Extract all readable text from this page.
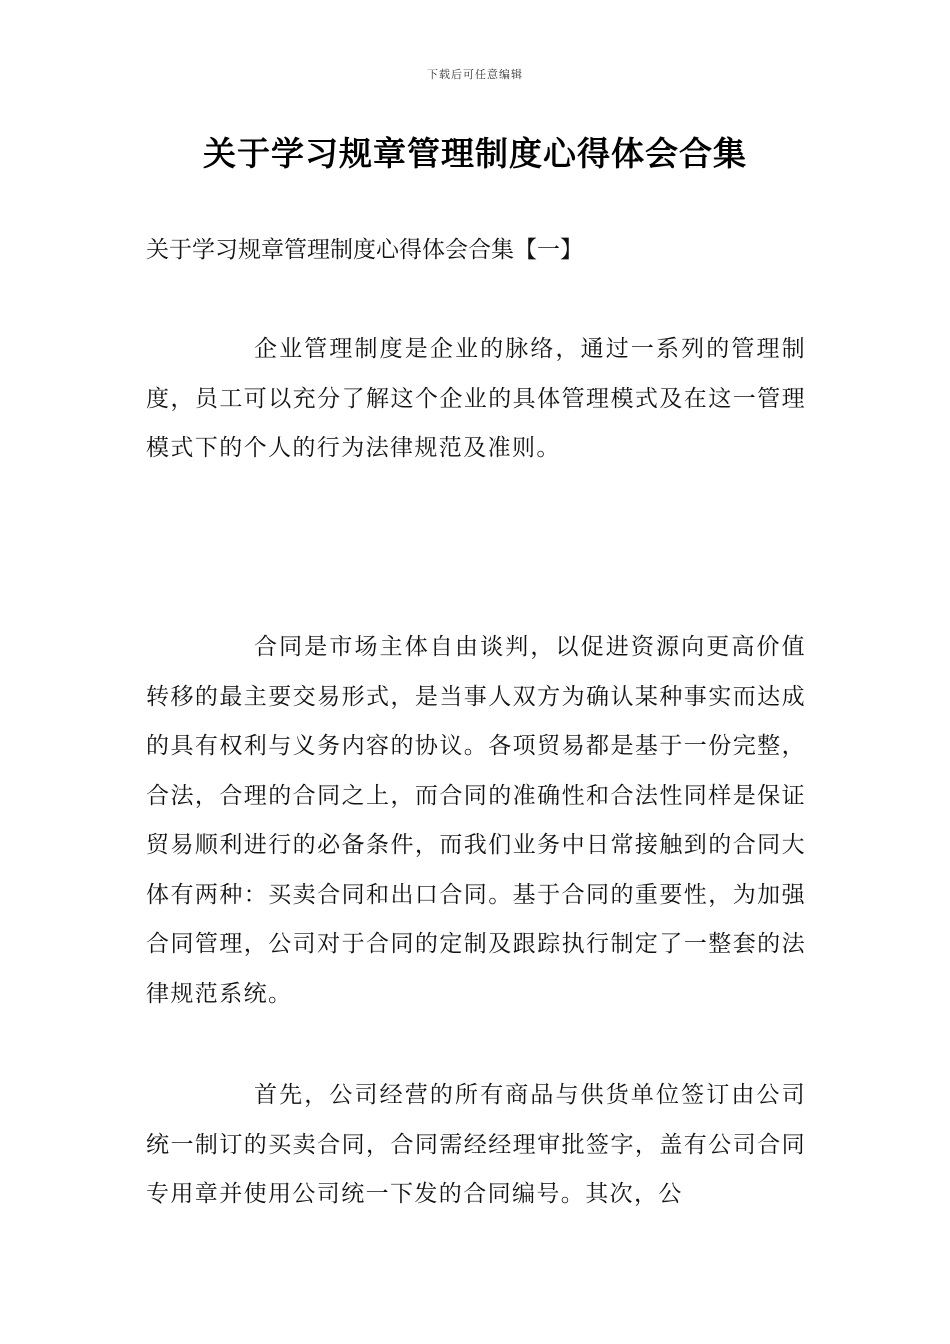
下载后可任意编辑
关于学习规章管理制度心得体会合集
关于学习规章管理制度心得体会合集【一】

企业管理制度是企业的脉络，通过一系列的管理制度，员工可以充分了解这个企业的具体管理模式及在这一管理模式下的个人的行为法律规范及准则。

合同是市场主体自由谈判，以促进资源向更高价值转移的最主要交易形式，是当事人双方为确认某种事实而达成的具有权利与义务内容的协议。各项贸易都是基于一份完整，合法，合理的合同之上，而合同的准确性和合法性同样是保证贸易顺利进行的必备条件，而我们业务中日常接触到的合同大体有两种：买卖合同和出口合同。基于合同的重要性，为加强合同管理，公司对于合同的定制及跟踪执行制定了一整套的法律规范系统。

首先，公司经营的所有商品与供货单位签订由公司统一制订的买卖合同，合同需经经理审批签字，盖有公司合同专用章并使用公司统一下发的合同编号。其次，公
